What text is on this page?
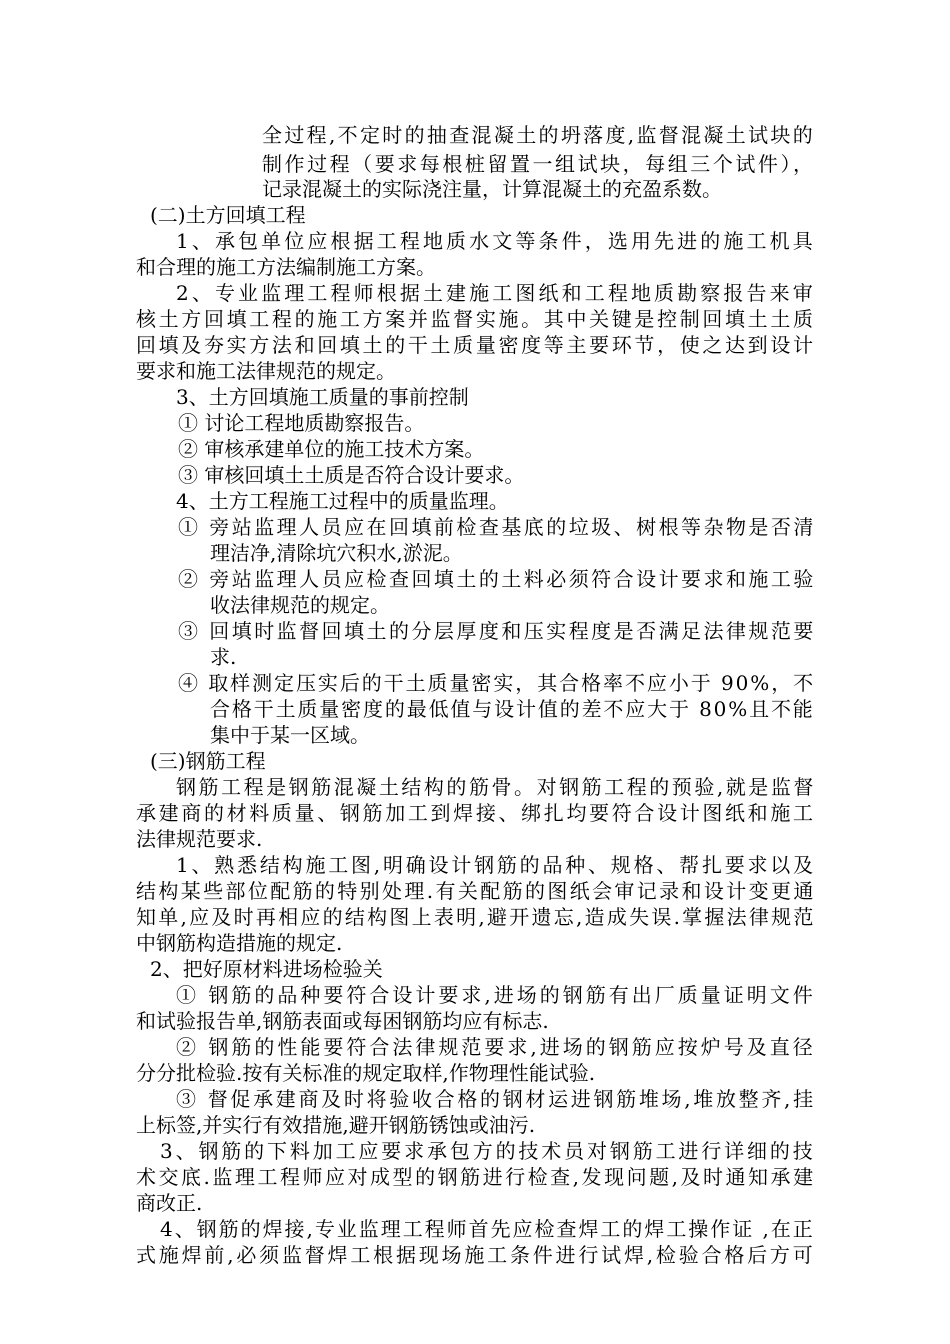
全过程,不定时的抽查混凝土的坍落度,监督混凝土试块的
制作过程（要求每根桩留置一组试块，每组三个试件），
记录混凝土的实际浇注量，计算混凝土的充盈系数。
(二)土方回填工程
1、承包单位应根据工程地质水文等条件，选用先进的施工机具
和合理的施工方法编制施工方案。
2、专业监理工程师根据土建施工图纸和工程地质勘察报告来审
核土方回填工程的施工方案并监督实施。其中关键是控制回填土土质
回填及夯实方法和回填土的干土质量密度等主要环节，使之达到设计
要求和施工法律规范的规定。
3、土方回填施工质量的事前控制
① 讨论工程地质勘察报告。
② 审核承建单位的施工技术方案。
③ 审核回填土土质是否符合设计要求。
4、土方工程施工过程中的质量监理。
① 旁站监理人员应在回填前检查基底的垃圾、树根等杂物是否清
理洁净,清除坑穴积水,淤泥。
② 旁站监理人员应检查回填土的土料必须符合设计要求和施工验
收法律规范的规定。
③ 回填时监督回填土的分层厚度和压实程度是否满足法律规范要
求.
④ 取样测定压实后的干土质量密实，其合格率不应小于 90%，不
合格干土质量密度的最低值与设计值的差不应大于 80%且不能
集中于某一区域。
(三)钢筋工程
钢筋工程是钢筋混凝土结构的筋骨。对钢筋工程的预验,就是监督
承建商的材料质量、钢筋加工到焊接、绑扎均要符合设计图纸和施工
法律规范要求.
1、熟悉结构施工图,明确设计钢筋的品种、规格、帮扎要求以及
结构某些部位配筋的特别处理.有关配筋的图纸会审记录和设计变更通
知单,应及时再相应的结构图上表明,避开遗忘,造成失误.掌握法律规范
中钢筋构造措施的规定.
2、把好原材料进场检验关
① 钢筋的品种要符合设计要求,进场的钢筋有出厂质量证明文件
和试验报告单,钢筋表面或每困钢筋均应有标志.
② 钢筋的性能要符合法律规范要求,进场的钢筋应按炉号及直径
分分批检验.按有关标准的规定取样,作物理性能试验.
③ 督促承建商及时将验收合格的钢材运进钢筋堆场,堆放整齐,挂
上标签,并实行有效措施,避开钢筋锈蚀或油污.
3、钢筋的下料加工应要求承包方的技术员对钢筋工进行详细的技
术交底.监理工程师应对成型的钢筋进行检查,发现问题,及时通知承建
商改正.
4、钢筋的焊接,专业监理工程师首先应检查焊工的焊工操作证 ,在正
式施焊前,必须监督焊工根据现场施工条件进行试焊,检验合格后方可
